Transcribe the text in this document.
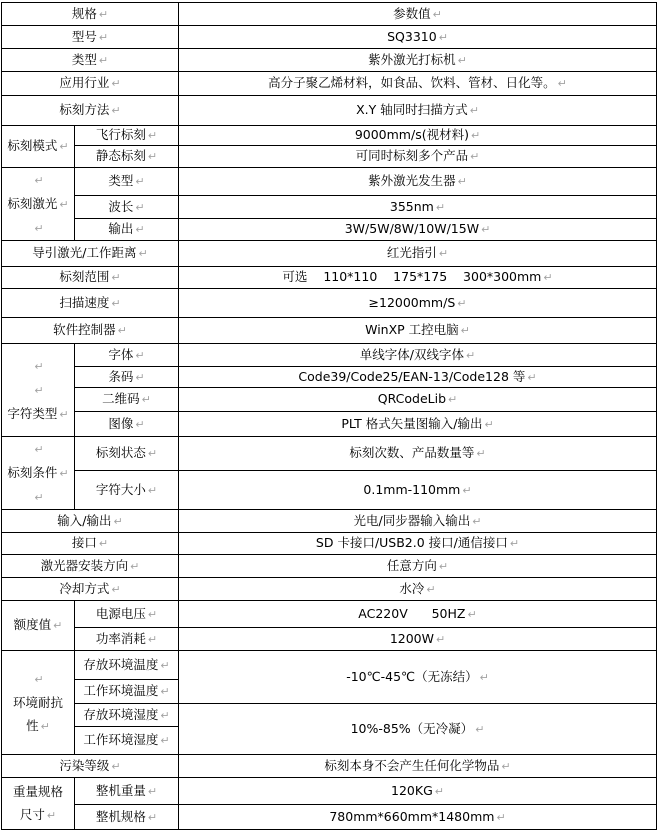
规格 ↵		参数值 ↵
型号 ↵		SQ3310 ↵
类型 ↵		紫外激光打标机 ↵
应用行业 ↵		高分子聚乙烯材料，如食品、饮料、管材、日化等。 ↵
标刻方法 ↵		X.Y 轴同时扫描方式 ↵
标刻模式 ↵	飞行标刻 ↵	9000mm/s(视材料) ↵
	静态标刻 ↵	可同时标刻多个产品 ↵

↵
标刻激光 ↵
↵	类型 ↵	紫外激光发生器 ↵
	波长 ↵	355nm ↵
	输出 ↵	3W/5W/8W/10W/15W ↵
导引激光/工作距离 ↵		红光指引 ↵
标刻范围 ↵		可选    110*110    175*175    300*300mm ↵
扫描速度 ↵		≥12000mm/S ↵
软件控制器 ↵		WinXP 工控电脑 ↵

↵
↵
字符类型 ↵	字体 ↵	单线字体/双线字体 ↵
	条码 ↵	Code39/Code25/EAN-13/Code128 等 ↵
	二维码 ↵	QRCodeLib ↵
	图像 ↵	PLT 格式矢量图输入/输出 ↵

↵
标刻条件 ↵
↵	标刻状态 ↵	标刻次数、产品数量等 ↵
	字符大小 ↵	0.1mm-110mm ↵
输入/输出 ↵		光电/同步器输入输出 ↵
接口 ↵		SD 卡接口/USB2.0 接口/通信接口 ↵
激光器安装方向 ↵		任意方向 ↵
冷却方式 ↵		水冷 ↵
额度值 ↵	电源电压 ↵	AC220V      50HZ ↵
	功率消耗 ↵	1200W ↵

↵
环境耐抗
性 ↵	存放环境温度 ↵	-10℃-45℃（无冻结） ↵
	工作环境温度 ↵	
	存放环境湿度 ↵	10%-85%（无冷凝） ↵
	工作环境湿度 ↵	
污染等级 ↵		标刻本身不会产生任何化学物品 ↵

重量规格
尺寸 ↵	整机重量 ↵	120KG ↵
	整机规格 ↵	780mm*660mm*1480mm ↵
